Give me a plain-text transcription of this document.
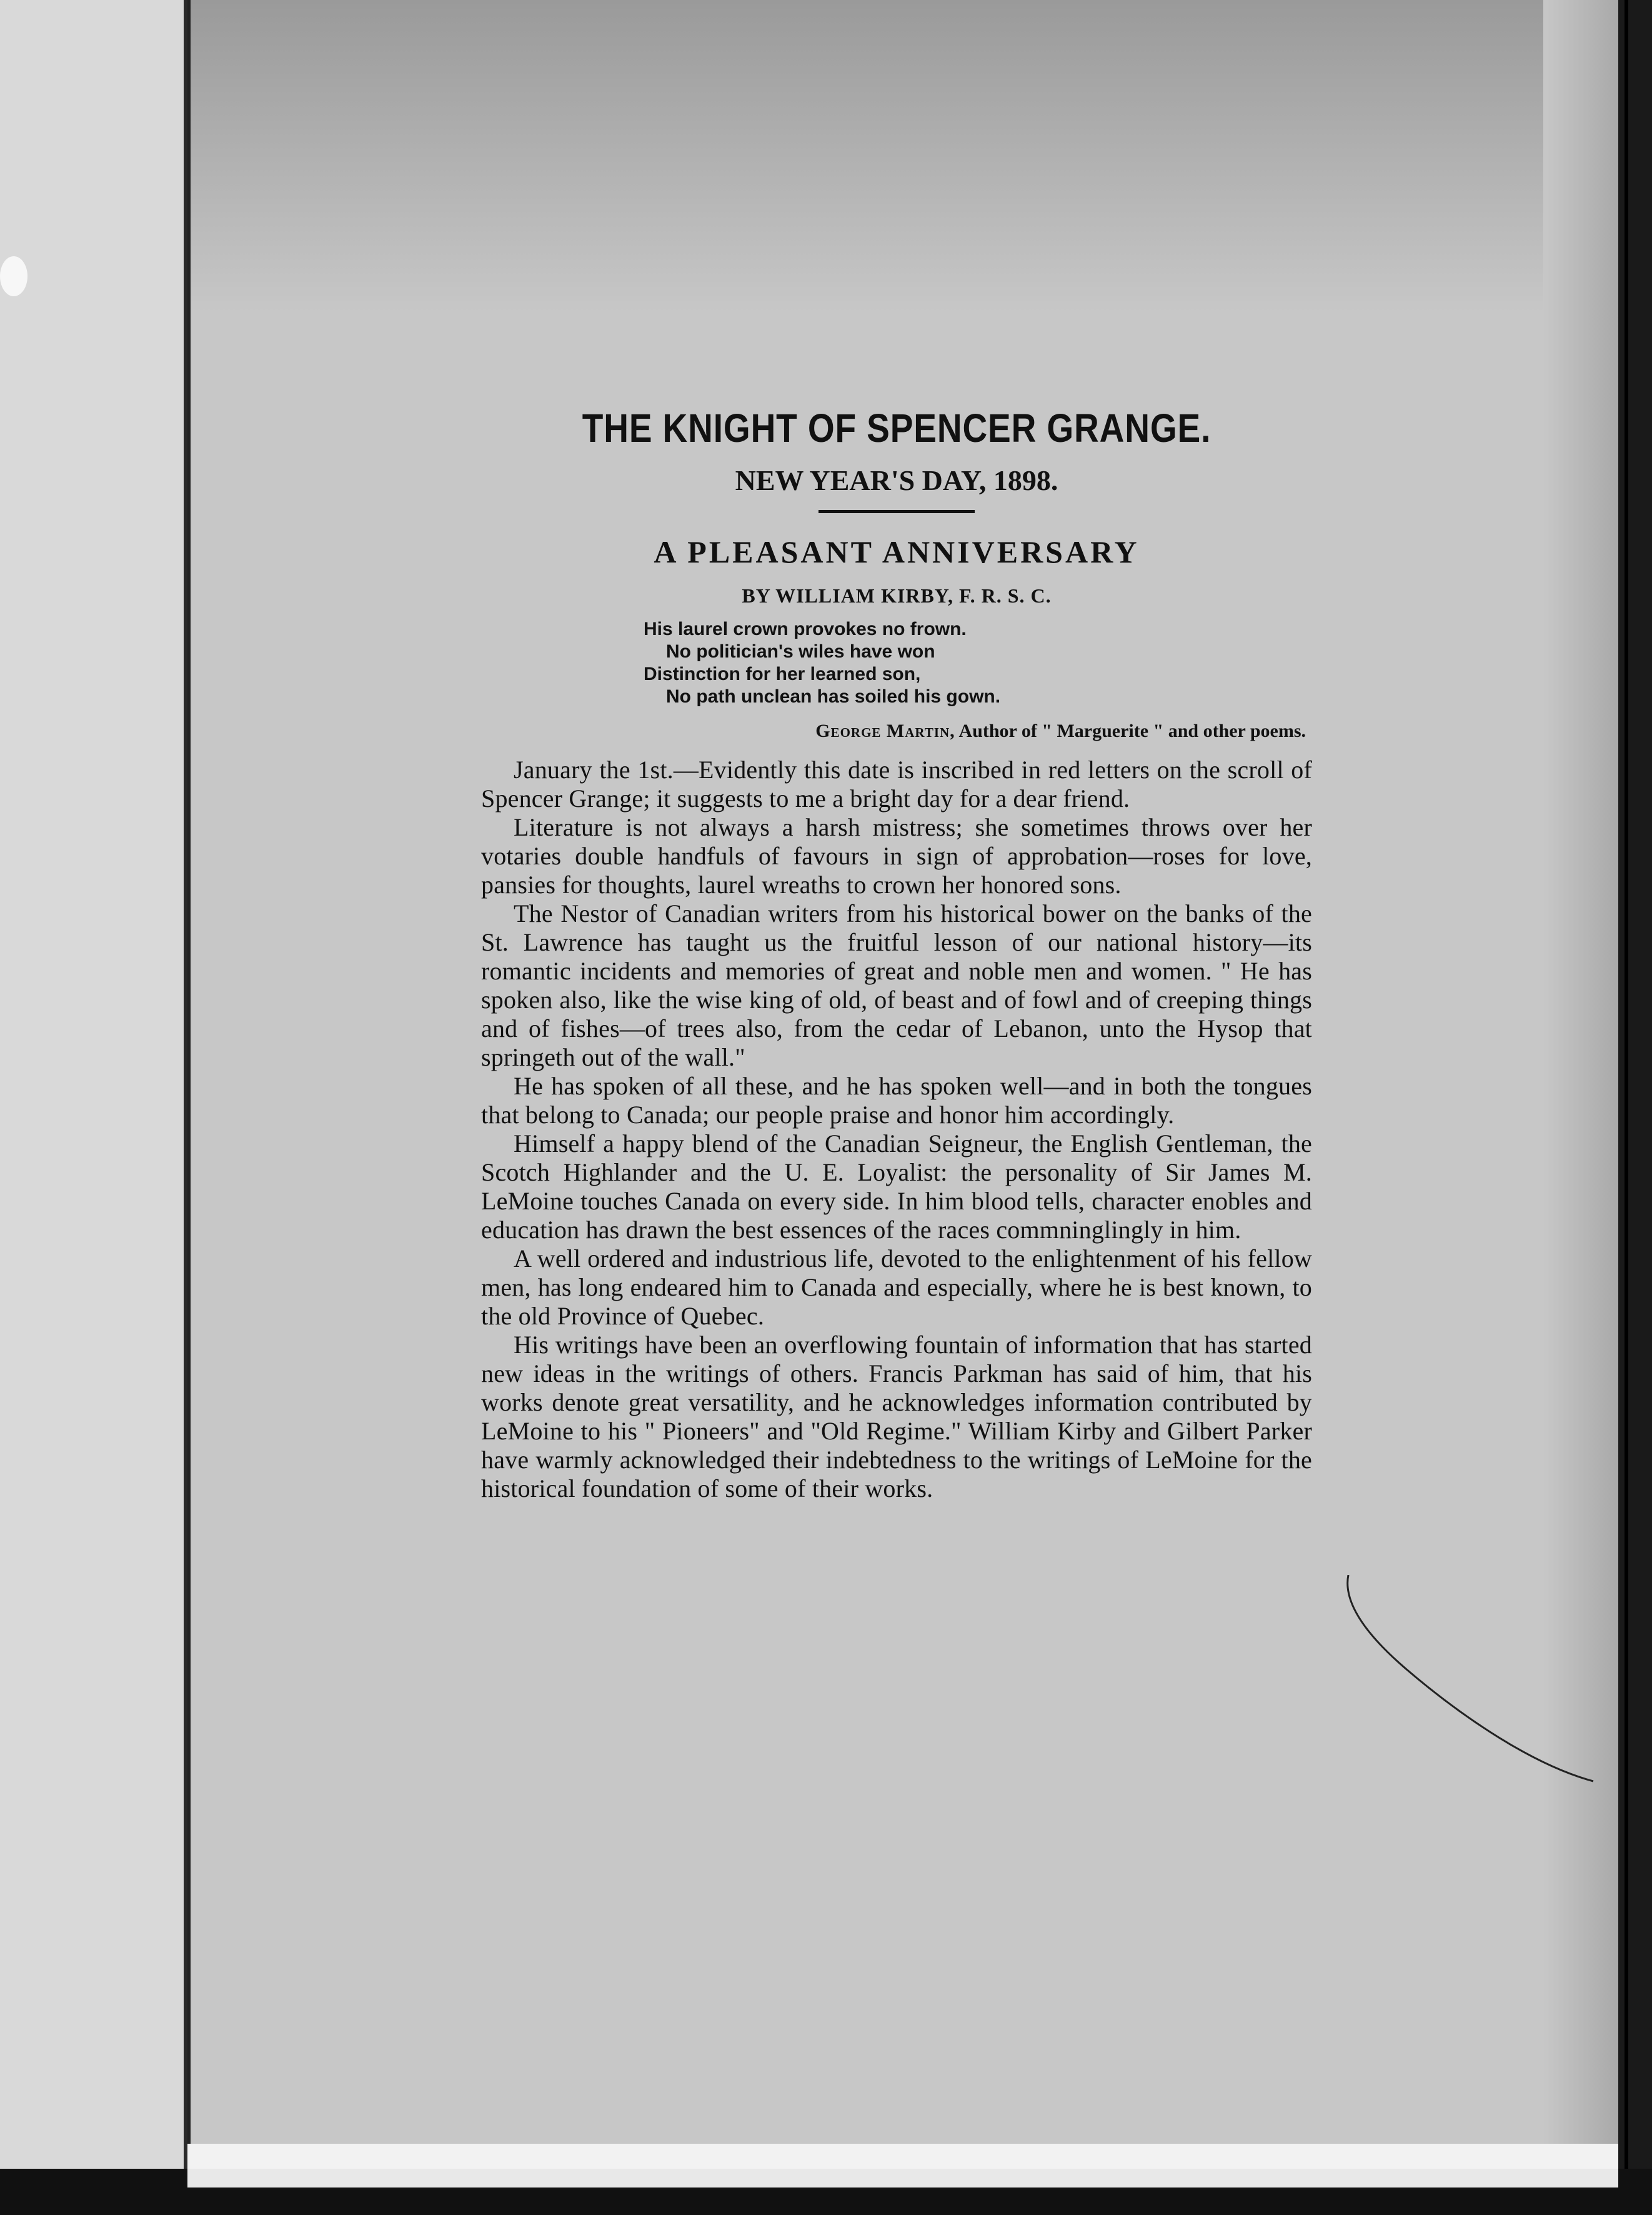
THE KNIGHT OF SPENCER GRANGE.
NEW YEAR'S DAY, 1898.
A PLEASANT ANNIVERSARY
BY WILLIAM KIRBY, F. R. S. C.
His laurel crown provokes no frown.
No politician's wiles have won
Distinction for her learned son,
No path unclean has soiled his gown.
George Martin, Author of " Marguerite " and other poems.

January the 1st.—Evidently this date is inscribed in red letters on the scroll of Spencer Grange; it suggests to me a bright day for a dear friend.

Literature is not always a harsh mistress; she sometimes throws over her votaries double handfuls of favours in sign of approbation—roses for love, pansies for thoughts, laurel wreaths to crown her honored sons.

The Nestor of Canadian writers from his historical bower on the banks of the St. Lawrence has taught us the fruitful lesson of our national history—its romantic incidents and memories of great and noble men and women. " He has spoken also, like the wise king of old, of beast and of fowl and of creeping things and of fishes—of trees also, from the cedar of Lebanon, unto the Hysop that springeth out of the wall."

He has spoken of all these, and he has spoken well—and in both the tongues that belong to Canada; our people praise and honor him accordingly.

Himself a happy blend of the Canadian Seigneur, the English Gentleman, the Scotch Highlander and the U. E. Loyalist: the personality of Sir James M. LeMoine touches Canada on every side. In him blood tells, character enobles and education has drawn the best essences of the races commninglingly in him.

A well ordered and industrious life, devoted to the enlightenment of his fellow men, has long endeared him to Canada and especially, where he is best known, to the old Province of Quebec.

His writings have been an overflowing fountain of information that has started new ideas in the writings of others. Francis Parkman has said of him, that his works denote great versatility, and he acknowledges information contributed by LeMoine to his " Pioneers" and "Old Regime." William Kirby and Gilbert Parker have warmly acknowledged their indebtedness to the writings of LeMoine for the historical foundation of some of their works.
